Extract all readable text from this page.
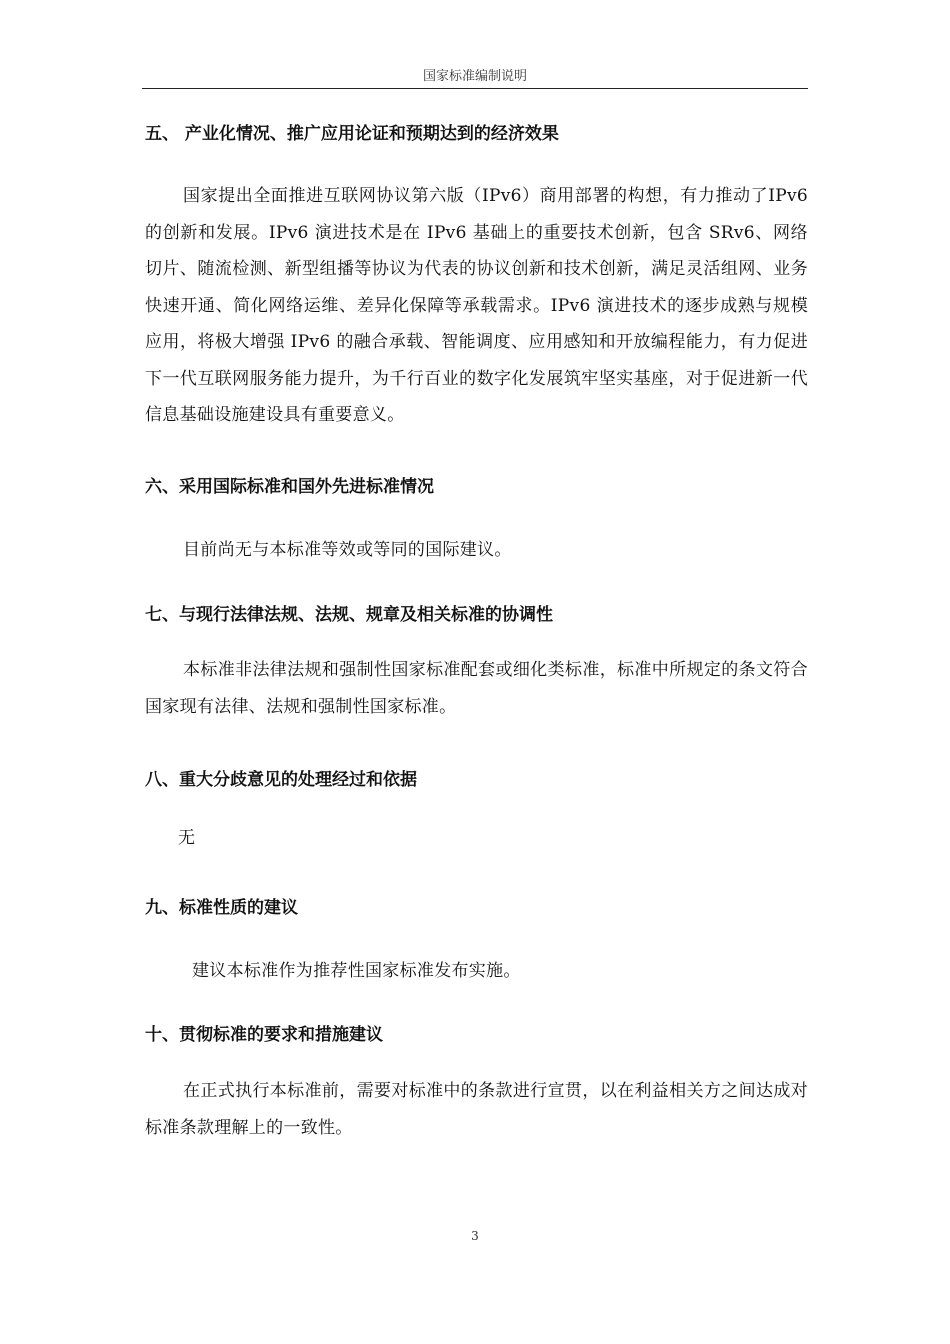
国家标准编制说明
五、 产业化情况、推广应用论证和预期达到的经济效果
国家提出全面推进互联网协议第六版（IPv6）商用部署的构想，有力推动了IPv6 的创新和发展。IPv6 演进技术是在 IPv6 基础上的重要技术创新，包含 SRv6、网络切片、随流检测、新型组播等协议为代表的协议创新和技术创新，满足灵活组网、业务快速开通、简化网络运维、差异化保障等承载需求。IPv6 演进技术的逐步成熟与规模应用，将极大增强 IPv6 的融合承载、智能调度、应用感知和开放编程能力，有力促进下一代互联网服务能力提升，为千行百业的数字化发展筑牢坚实基座，对于促进新一代信息基础设施建设具有重要意义。
六、采用国际标准和国外先进标准情况
目前尚无与本标准等效或等同的国际建议。
七、与现行法律法规、法规、规章及相关标准的协调性
本标准非法律法规和强制性国家标准配套或细化类标准，标准中所规定的条文符合国家现有法律、法规和强制性国家标准。
八、重大分歧意见的处理经过和依据
无
九、标准性质的建议
建议本标准作为推荐性国家标准发布实施。
十、贯彻标准的要求和措施建议
在正式执行本标准前，需要对标准中的条款进行宣贯，以在利益相关方之间达成对标准条款理解上的一致性。
3
